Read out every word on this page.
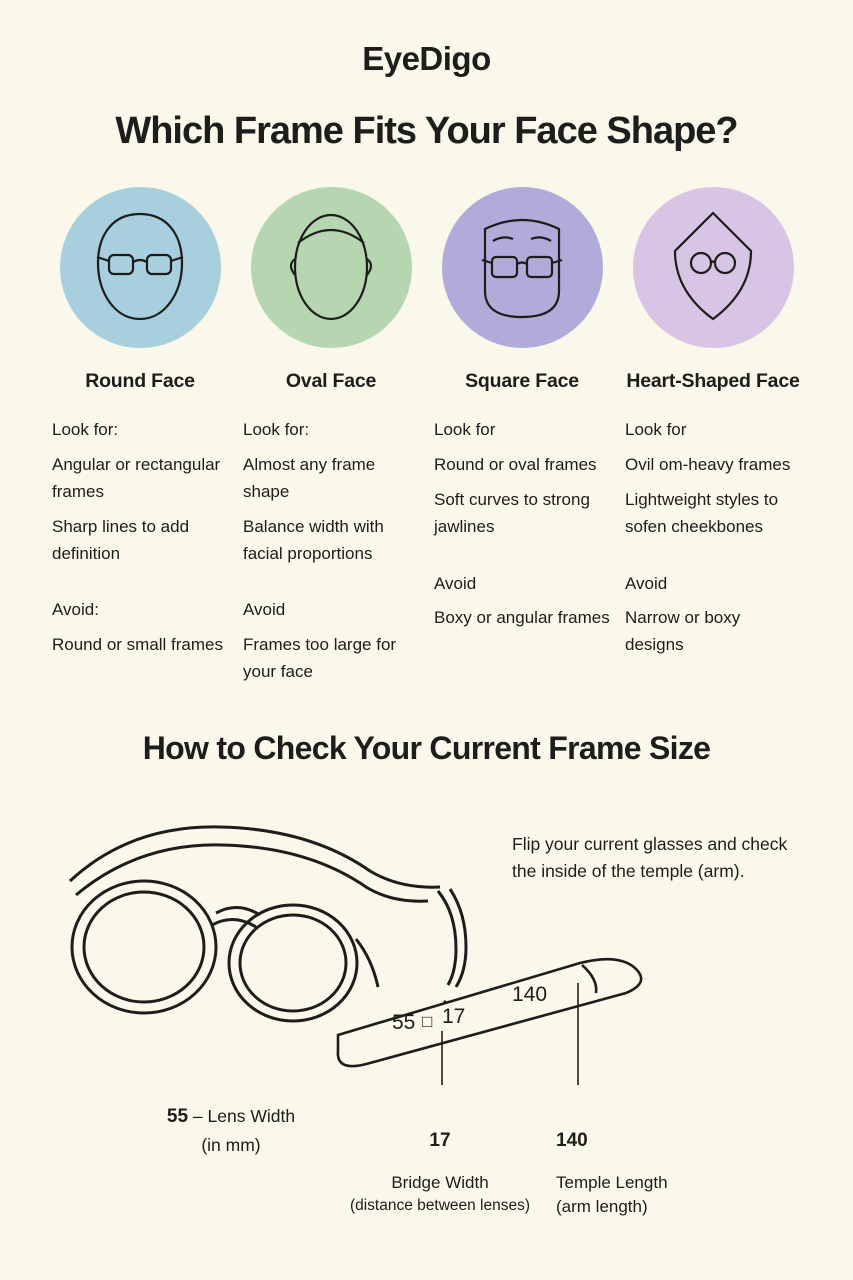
EyeDigo
Which Frame Fits Your Face Shape?
Round Face
Look for:
Angular or rectangular frames
Sharp lines to add definition
Avoid:
Round or small frames
Oval Face
Look for:
Almost any frame shape
Balance width with facial proportions
Avoid
Frames too large for your face
Square Face
Look for
Round or oval frames
Soft curves to strong jawlines
Avoid
Boxy or angular frames
Heart-Shaped Face
Look for
Ovil om-heavy frames
Lightweight styles to sofen cheekbones
Avoid
Narrow or boxy designs
How to Check Your Current Frame Size
Flip your current glasses and check the inside of the temple (arm).
55 □ 17
140
55 – Lens Width
(in mm)	17
Bridge Width
(distance between lenses)
140
Temple Length
(arm length)
